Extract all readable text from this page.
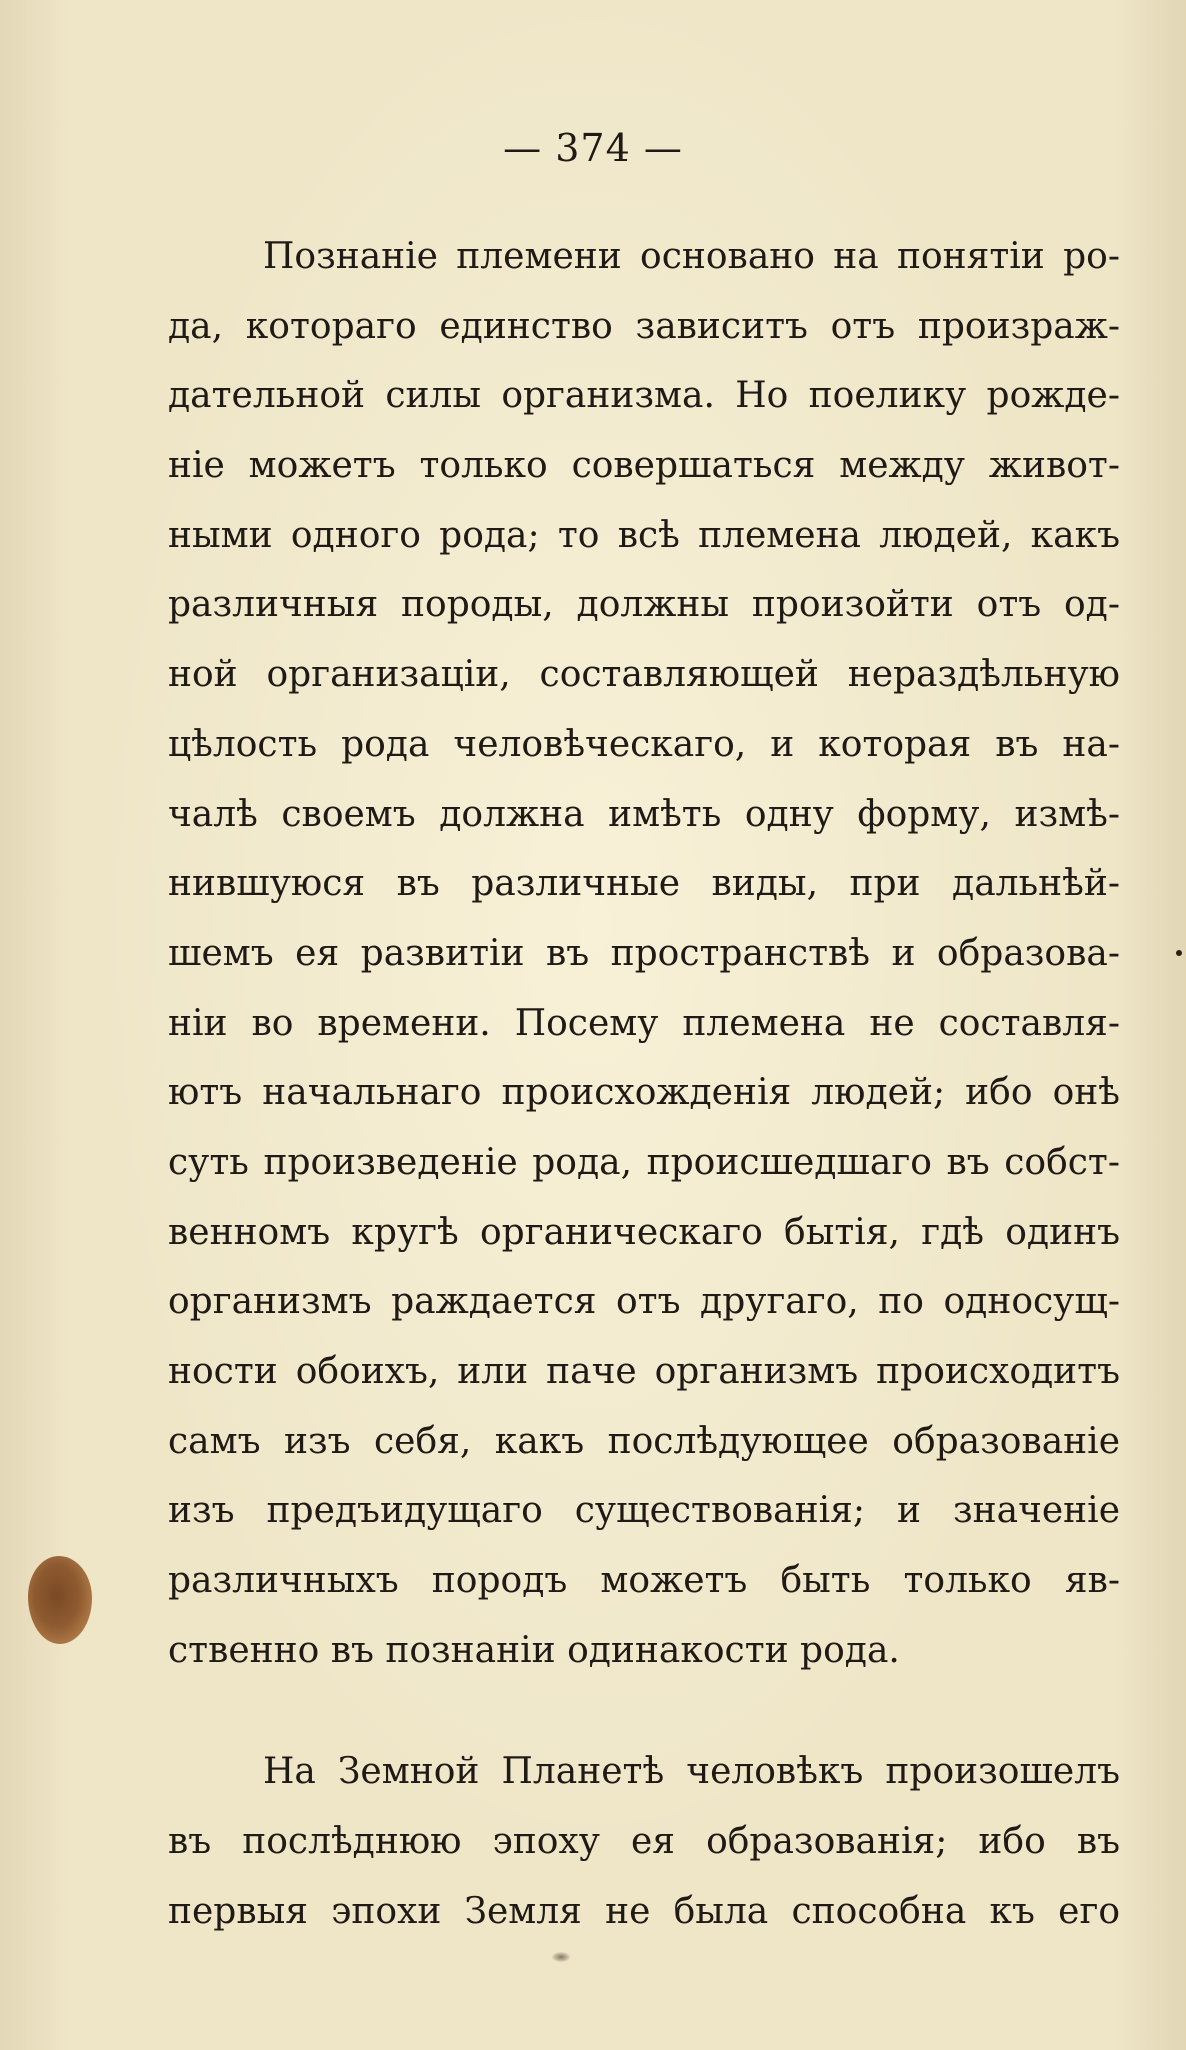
— 374 —
Познаніе племени основано на понятіи ро-
да, котораго единство зависитъ отъ произраж-
дательной силы организма. Но поелику рожде-
ніе можетъ только совершаться между живот-
ными одного рода; то всѣ племена людей, какъ
различныя породы, должны произойти отъ од-
ной организаціи, составляющей нераздѣльную
цѣлость рода человѣческаго, и которая въ на-
чалѣ своемъ должна имѣть одну форму, измѣ-
нившуюся въ различные виды, при дальнѣй-
шемъ ея развитіи въ пространствѣ и образова-
ніи во времени. Посему племена не составля-
ютъ начальнаго происхожденія людей; ибо онѣ
суть произведеніе рода, происшедшаго въ собст-
венномъ кругѣ органическаго бытія, гдѣ одинъ
организмъ раждается отъ другаго, по односущ-
ности обоихъ, или паче организмъ происходитъ
самъ изъ себя, какъ послѣдующее образованіе
изъ предъидущаго существованія; и значеніе
различныхъ породъ можетъ быть только яв-
ственно въ познаніи одинакости рода.
На Земной Планетѣ человѣкъ произошелъ
въ послѣднюю эпоху ея образованія; ибо въ
первыя эпохи Земля не была способна къ его
